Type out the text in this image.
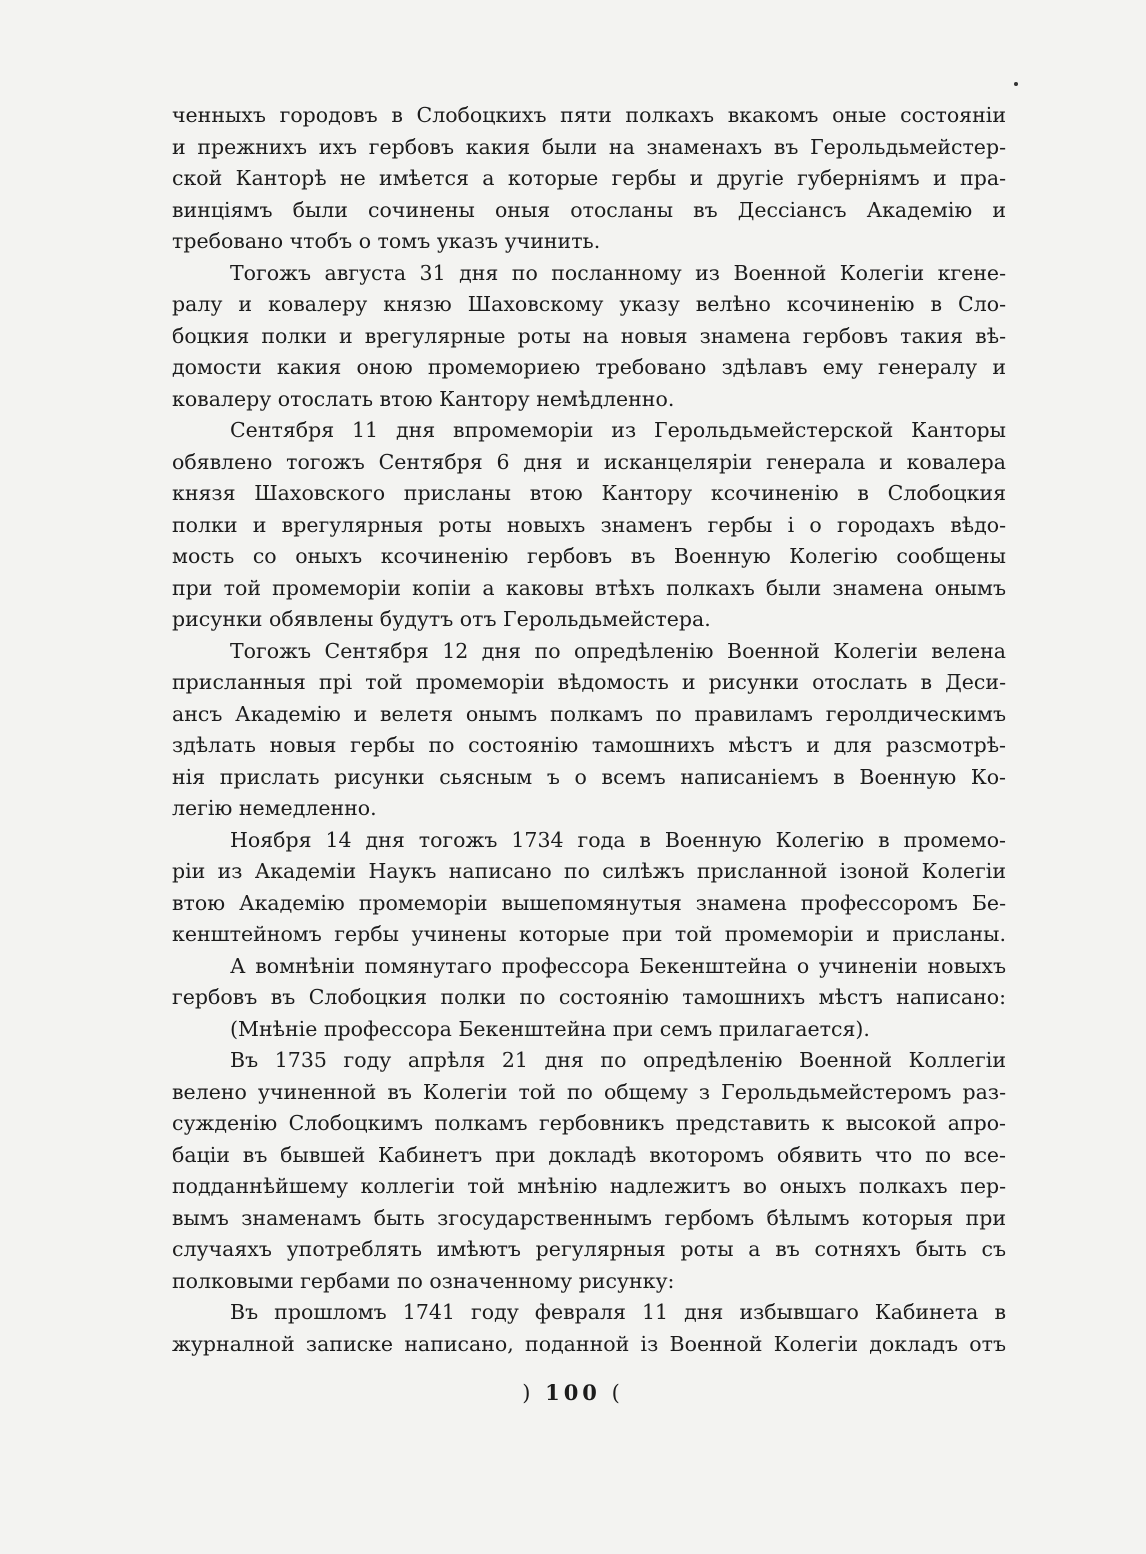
ченныхъ городовъ в Слобоцкихъ пяти полкахъ вкакомъ оные состоянiи
и прежнихъ ихъ гербовъ какия были на знаменахъ въ Герольдьмейстер-
ской Канторѣ не имѣется а которые гербы и другiе губернiямъ и пра-
винцiямъ были сочинены оныя отосланы въ Дессiансъ Академiю и
требовано чтобъ о томъ указъ учинить.
Тогожъ августа 31 дня по посланному из Военной Колегiи кгене-
ралу и ковалеру князю Шаховскому указу велѣно ксочиненiю в Сло-
боцкия полки и врегулярные роты на новыя знамена гербовъ такия вѣ-
домости какия оною промемориею требовано здѣлавъ ему генералу и
ковалеру отослать втою Кантору немѣдленно.
Сентября 11 дня впромеморiи из Герольдьмейстерской Канторы
обявлено тогожъ Сентября 6 дня и исканцелярiи генерала и ковалера
князя Шаховского присланы втою Кантору ксочиненiю в Слобоцкия
полки и врегулярныя роты новыхъ знаменъ гербы i о городахъ вѣдо-
мость со оныхъ ксочиненiю гербовъ въ Военную Колегiю сообщены
при той промеморiи копiи а каковы втѣхъ полкахъ были знамена онымъ
рисунки обявлены будутъ отъ Герольдьмейстера.
Тогожъ Сентября 12 дня по опредѣленiю Военной Колегiи велена
присланныя прi той промеморiи вѣдомость и рисунки отослать в Деси-
ансъ Академiю и велетя онымъ полкамъ по правиламъ геролдическимъ
здѣлать новыя гербы по состоянiю тамошнихъ мѣстъ и для разсмотрѣ-
нiя прислать рисунки сьясным ъ о всемъ написанiемъ в Военную Ко-
легiю немедленно.
Ноября 14 дня тогожъ 1734 года в Военную Колегiю в промемо-
рiи из Академiи Наукъ написано по силѣжъ присланной iзоной Колегiи
втою Академiю промеморiи вышепомянутыя знамена профессоромъ Бе-
кенштейномъ гербы учинены которые при той промеморiи и присланы.
А вомнѣнiи помянутаго профессора Бекенштейна о учиненiи новыхъ
гербовъ въ Слобоцкия полки по состоянiю тамошнихъ мѣстъ написано:
(Мнѣнiе профессора Бекенштейна при семъ прилагается).
Въ 1735 году апрѣля 21 дня по опредѣленiю Военной Коллегiи
велено учиненной въ Колегiи той по общему з Герольдьмейстеромъ раз-
сужденiю Слобоцкимъ полкамъ гербовникъ представить к высокой апро-
бацiи въ бывшей Кабинетъ при докладѣ вкоторомъ обявить что по все-
подданнѣйшему коллегiи той мнѣнiю надлежитъ во оныхъ полкахъ пер-
вымъ знаменамъ быть згосударственнымъ гербомъ бѣлымъ которыя при
случаяхъ употреблять имѣютъ регулярныя роты а въ сотняхъ быть съ
полковыми гербами по означенному рисунку:
Въ прошломъ 1741 году февраля 11 дня избывшаго Кабинета в
журналной записке написано, поданной iз Военной Колегiи докладъ отъ
) 100 (
